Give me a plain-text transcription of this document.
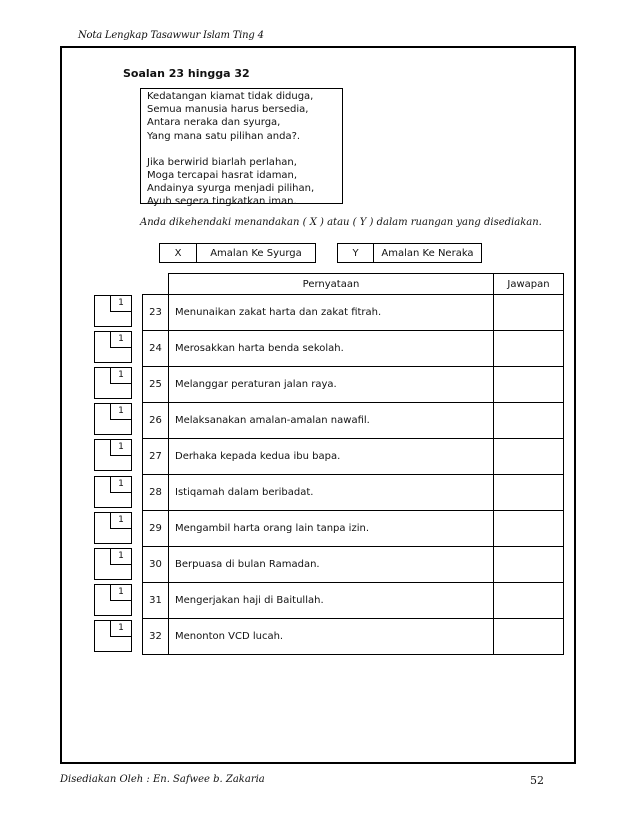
Nota Lengkap Tasawwur Islam Ting 4
Soalan 23 hingga 32
Kedatangan kiamat tidak diduga,
Semua manusia harus bersedia,
Antara neraka dan syurga,
Yang mana satu pilihan anda?.
Jika berwirid biarlah perlahan,
Moga tercapai hasrat idaman,
Andainya syurga menjadi pilihan,
Ayuh segera tingkatkan iman.
Anda dikehendaki menandakan ( X ) atau ( Y ) dalam ruangan yang disediakan.
X	Amalan Ke Syurga	Y	Amalan Ke Neraka
	Pernyataan	Jawapan
23	Menunaikan zakat harta dan zakat fitrah.	
24	Merosakkan harta benda sekolah.	
25	Melanggar peraturan jalan raya.	
26	Melaksanakan amalan-amalan nawafil.	
27	Derhaka kepada kedua ibu bapa.	
28	Istiqamah dalam beribadat.	
29	Mengambil harta orang lain tanpa izin.	
30	Berpuasa di bulan Ramadan.	
31	Mengerjakan haji di Baitullah.	
32	Menonton VCD lucah.	
1
1
1
1
1
1
1
1
1
1
Disediakan Oleh : En. Safwee b. Zakaria	52
